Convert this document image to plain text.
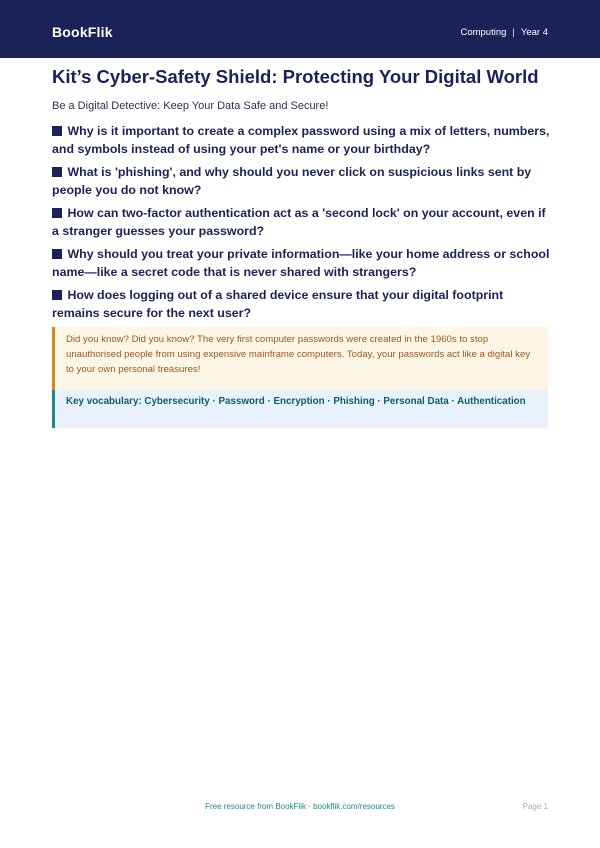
BookFlik	Computing | Year 4
Kit’s Cyber-Safety Shield: Protecting Your Digital World
Be a Digital Detective: Keep Your Data Safe and Secure!
Why is it important to create a complex password using a mix of letters, numbers, and symbols instead of using your pet's name or your birthday?
What is 'phishing', and why should you never click on suspicious links sent by people you do not know?
How can two-factor authentication act as a 'second lock' on your account, even if a stranger guesses your password?
Why should you treat your private information—like your home address or school name—like a secret code that is never shared with strangers?
How does logging out of a shared device ensure that your digital footprint remains secure for the next user?
Did you know? Did you know? The very first computer passwords were created in the 1960s to stop unauthorised people from using expensive mainframe computers. Today, your passwords act like a digital key to your own personal treasures!
Key vocabulary: Cybersecurity · Password · Encryption · Phishing · Personal Data · Authentication
Free resource from BookFlik · bookflik.com/resources	Page 1
